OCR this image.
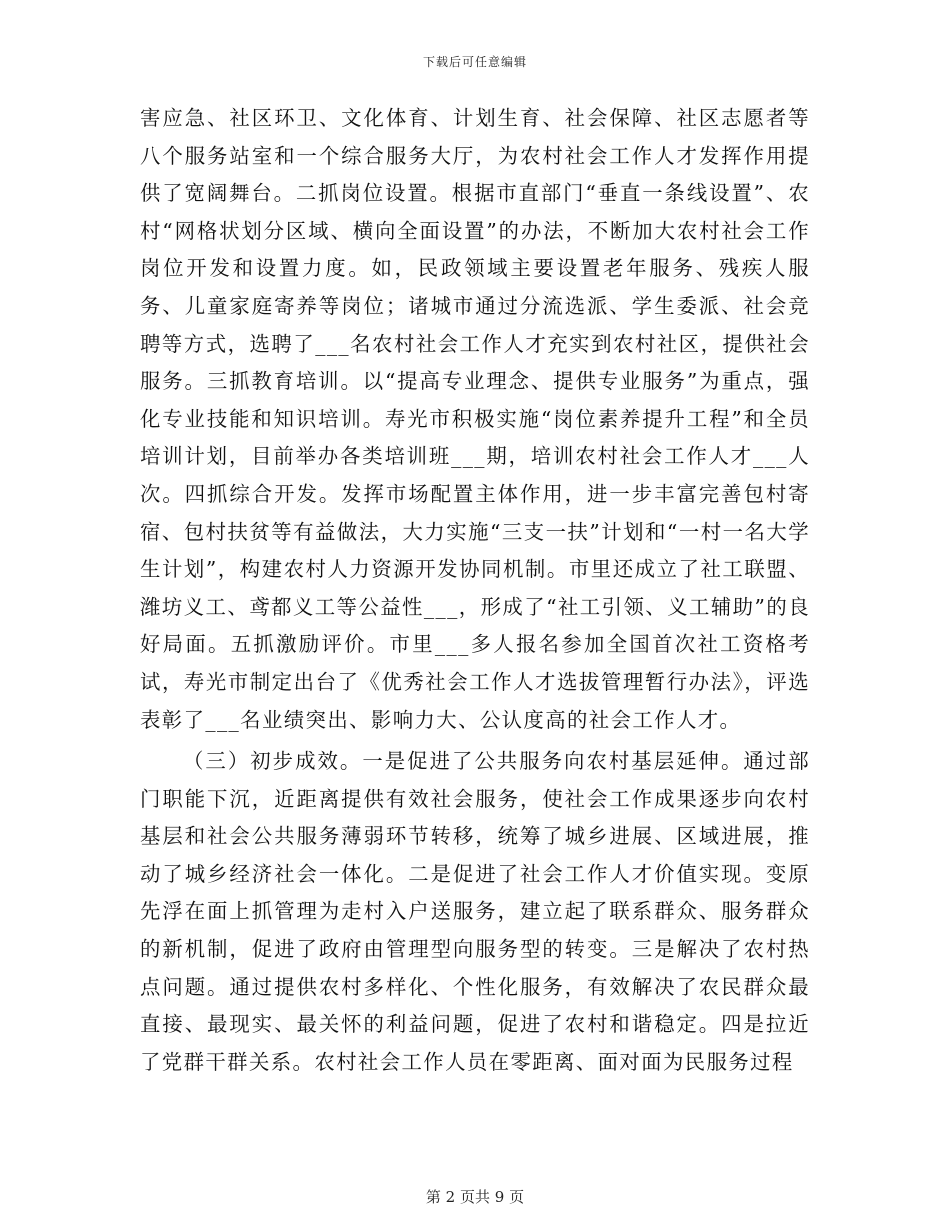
下载后可任意编辑

害应急、社区环卫、文化体育、计划生育、社会保障、社区志愿者等八个服务站室和一个综合服务大厅，为农村社会工作人才发挥作用提供了宽阔舞台。二抓岗位设置。根据市直部门“垂直一条线设置”、农村“网格状划分区域、横向全面设置”的办法，不断加大农村社会工作岗位开发和设置力度。如，民政领域主要设置老年服务、残疾人服务、儿童家庭寄养等岗位；诸城市通过分流选派、学生委派、社会竞聘等方式，选聘了___名农村社会工作人才充实到农村社区，提供社会服务。三抓教育培训。以“提高专业理念、提供专业服务”为重点，强化专业技能和知识培训。寿光市积极实施“岗位素养提升工程”和全员培训计划，目前举办各类培训班___期，培训农村社会工作人才___人次。四抓综合开发。发挥市场配置主体作用，进一步丰富完善包村寄宿、包村扶贫等有益做法，大力实施“三支一扶”计划和“一村一名大学生计划”，构建农村人力资源开发协同机制。市里还成立了社工联盟、潍坊义工、鸢都义工等公益性___，形成了“社工引领、义工辅助”的良好局面。五抓激励评价。市里___多人报名参加全国首次社工资格考试，寿光市制定出台了《优秀社会工作人才选拔管理暂行办法》，评选表彰了___名业绩突出、影响力大、公认度高的社会工作人才。

（三）初步成效。一是促进了公共服务向农村基层延伸。通过部门职能下沉，近距离提供有效社会服务，使社会工作成果逐步向农村基层和社会公共服务薄弱环节转移，统筹了城乡进展、区域进展，推动了城乡经济社会一体化。二是促进了社会工作人才价值实现。变原先浮在面上抓管理为走村入户送服务，建立起了联系群众、服务群众的新机制，促进了政府由管理型向服务型的转变。三是解决了农村热点问题。通过提供农村多样化、个性化服务，有效解决了农民群众最直接、最现实、最关怀的利益问题，促进了农村和谐稳定。四是拉近了党群干群关系。农村社会工作人员在零距离、面对面为民服务过程

第 2 页共 9 页
